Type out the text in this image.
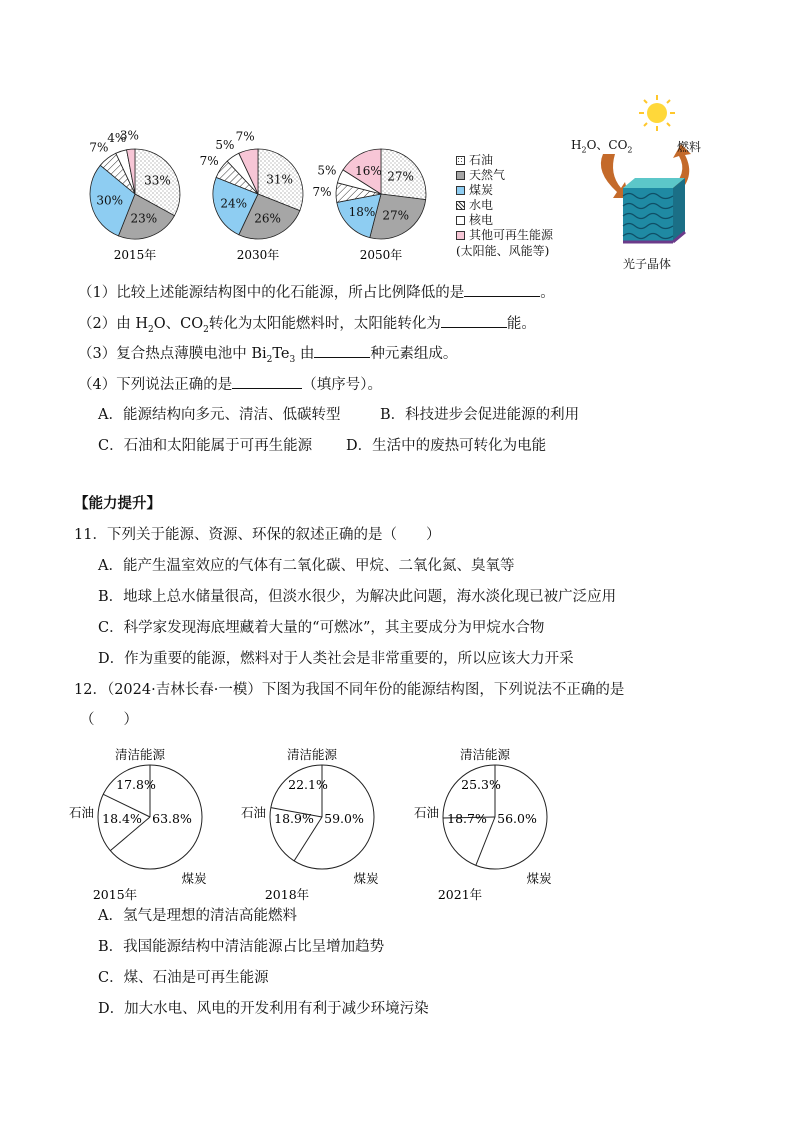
33%
23%
30%
7%
4%
3%
2015年
31%
26%
24%
7%
5%
7%
2030年
27%
27%
18%
7%
5% 16%
2050年
石油
天然气
煤炭
水电
核电
其他可再生能源
(太阳能、风能等)
$H_2O$、$CO_2$	燃料
光子晶体
（1）比较上述能源结构图中的化石能源，所占比例降低的是	。
（2）由 $H_2O$、$CO_2$转化为太阳能燃料时，太阳能转化为	能。
（3）复合热点薄膜电池中 $Bi_2Te_3$ 由	种元素组成。
（4）下列说法正确的是	（填序号）。
A．能源结构向多元、清洁、低碳转型	B．科技进步会促进能源的利用
C．石油和太阳能属于可再生能源 D．生活中的废热可转化为电能
【能力提升】
11．下列关于能源、资源、环保的叙述正确的是（　　）
A．能产生温室效应的气体有二氧化碳、甲烷、二氧化氮、臭氧等
B．地球上总水储量很高，但淡水很少，为解决此问题，海水淡化现已被广泛应用
C．科学家发现海底埋藏着大量的“可燃冰”，其主要成分为甲烷水合物
D．作为重要的能源，燃料对于人类社会是非常重要的，所以应该大力开采
12．（2024·吉林长春·一模）下图为我国不同年份的能源结构图，下列说法不正确的是
（　　）
17.8%
18.4% 63.8%
清洁能源
石油
煤炭
2015年
22.1%
18.9% 59.0%
清洁能源
石油
煤炭
2018年
25.3%
18.7% 56.0%
清洁能源
石油
煤炭
2021年
A．氢气是理想的清洁高能燃料
B．我国能源结构中清洁能源占比呈增加趋势
C．煤、石油是可再生能源
D．加大水电、风电的开发利用有利于减少环境污染
